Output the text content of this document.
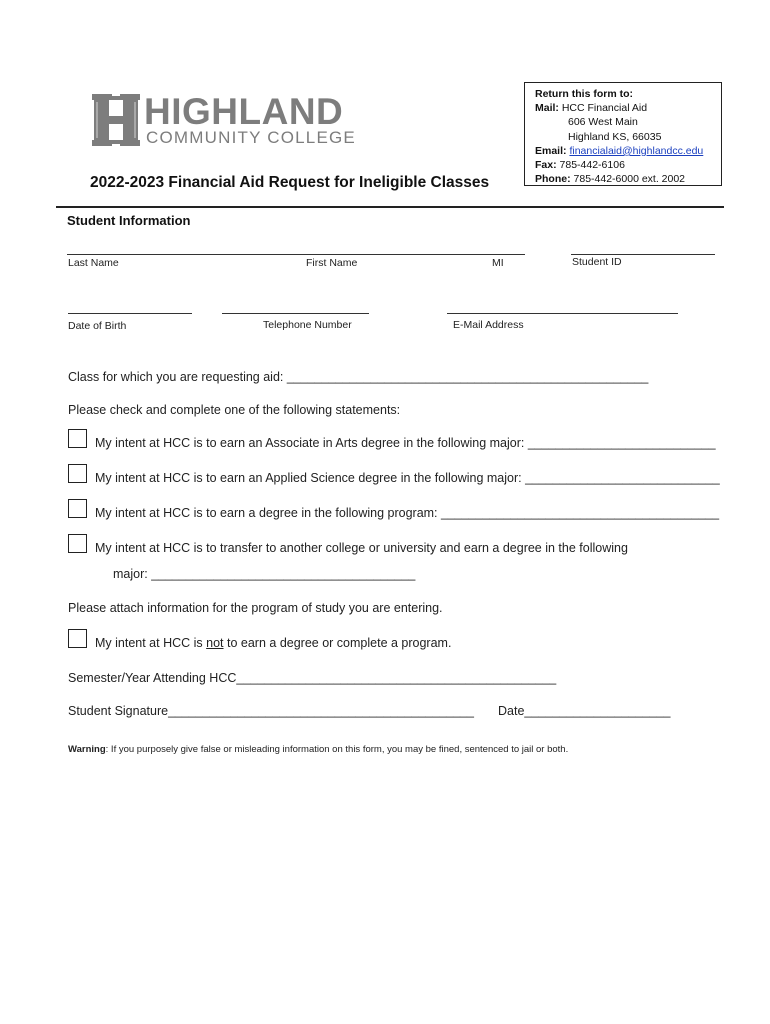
HIGHLAND
COMMUNITY COLLEGE
Return this form to:
Mail: HCC Financial Aid
606 West Main
Highland KS, 66035
Email: financialaid@highlandcc.edu
Fax: 785-442-6106
Phone: 785-442-6000 ext. 2002
2022-2023 Financial Aid Request for Ineligible Classes
Student Information
Last Name	First Name	MI	Student ID
Date of Birth	Telephone Number	E-Mail Address
Class for which you are requesting aid: ____________________________________________________
Please check and complete one of the following statements:
My intent at HCC is to earn an Associate in Arts degree in the following major: ___________________________
My intent at HCC is to earn an Applied Science degree in the following major: ____________________________
My intent at HCC is to earn a degree in the following program: ________________________________________
My intent at HCC is to transfer to another college or university and earn a degree in the following
major: ______________________________________
Please attach information for the program of study you are entering.
My intent at HCC is not to earn a degree or complete a program.
Semester/Year Attending HCC______________________________________________
Student Signature____________________________________________ Date_____________________
Warning: If you purposely give false or misleading information on this form, you may be fined, sentenced to jail or both.
